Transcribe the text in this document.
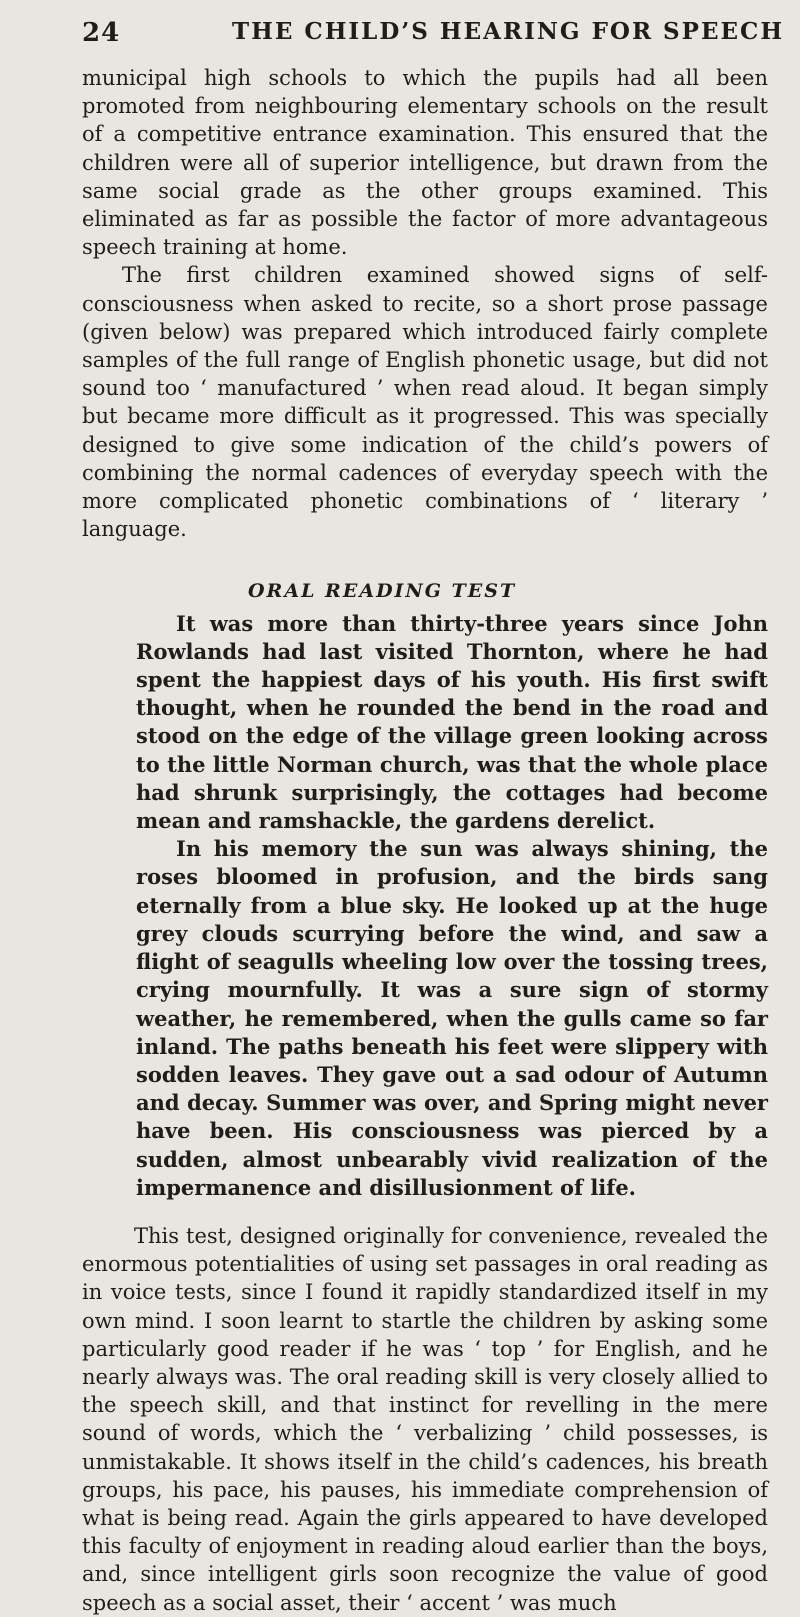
24	THE CHILD’S HEARING FOR SPEECH

municipal high schools to which the pupils had all been promoted from neighbouring elementary schools on the result of a competitive entrance examination. This ensured that the children were all of superior intelligence, but drawn from the same social grade as the other groups examined. This eliminated as far as possible the factor of more advantageous speech training at home.

The first children examined showed signs of self-consciousness when asked to recite, so a short prose passage (given below) was prepared which introduced fairly complete samples of the full range of English phonetic usage, but did not sound too ‘ manufactured ’ when read aloud. It began simply but became more difficult as it progressed. This was specially designed to give some indication of the child’s powers of combining the normal cadences of everyday speech with the more complicated phonetic combinations of ‘ literary ’ language.

ORAL READING TEST

It was more than thirty-three years since John Rowlands had last visited Thornton, where he had spent the happiest days of his youth. His first swift thought, when he rounded the bend in the road and stood on the edge of the village green looking across to the little Norman church, was that the whole place had shrunk surprisingly, the cottages had become mean and ramshackle, the gardens derelict.

In his memory the sun was always shining, the roses bloomed in profusion, and the birds sang eternally from a blue sky. He looked up at the huge grey clouds scurrying before the wind, and saw a flight of seagulls wheeling low over the tossing trees, crying mournfully. It was a sure sign of stormy weather, he remembered, when the gulls came so far inland. The paths beneath his feet were slippery with sodden leaves. They gave out a sad odour of Autumn and decay. Summer was over, and Spring might never have been. His consciousness was pierced by a sudden, almost unbearably vivid realization of the impermanence and disillusionment of life.

This test, designed originally for convenience, revealed the enormous potentialities of using set passages in oral reading as in voice tests, since I found it rapidly standardized itself in my own mind. I soon learnt to startle the children by asking some particularly good reader if he was ‘ top ’ for English, and he nearly always was. The oral reading skill is very closely allied to the speech skill, and that instinct for revelling in the mere sound of words, which the ‘ verbalizing ’ child possesses, is unmistakable. It shows itself in the child’s cadences, his breath groups, his pace, his pauses, his immediate comprehension of what is being read. Again the girls appeared to have developed this faculty of enjoyment in reading aloud earlier than the boys, and, since intelligent girls soon recognize the value of good speech as a social asset, their ‘ accent ’ was much
